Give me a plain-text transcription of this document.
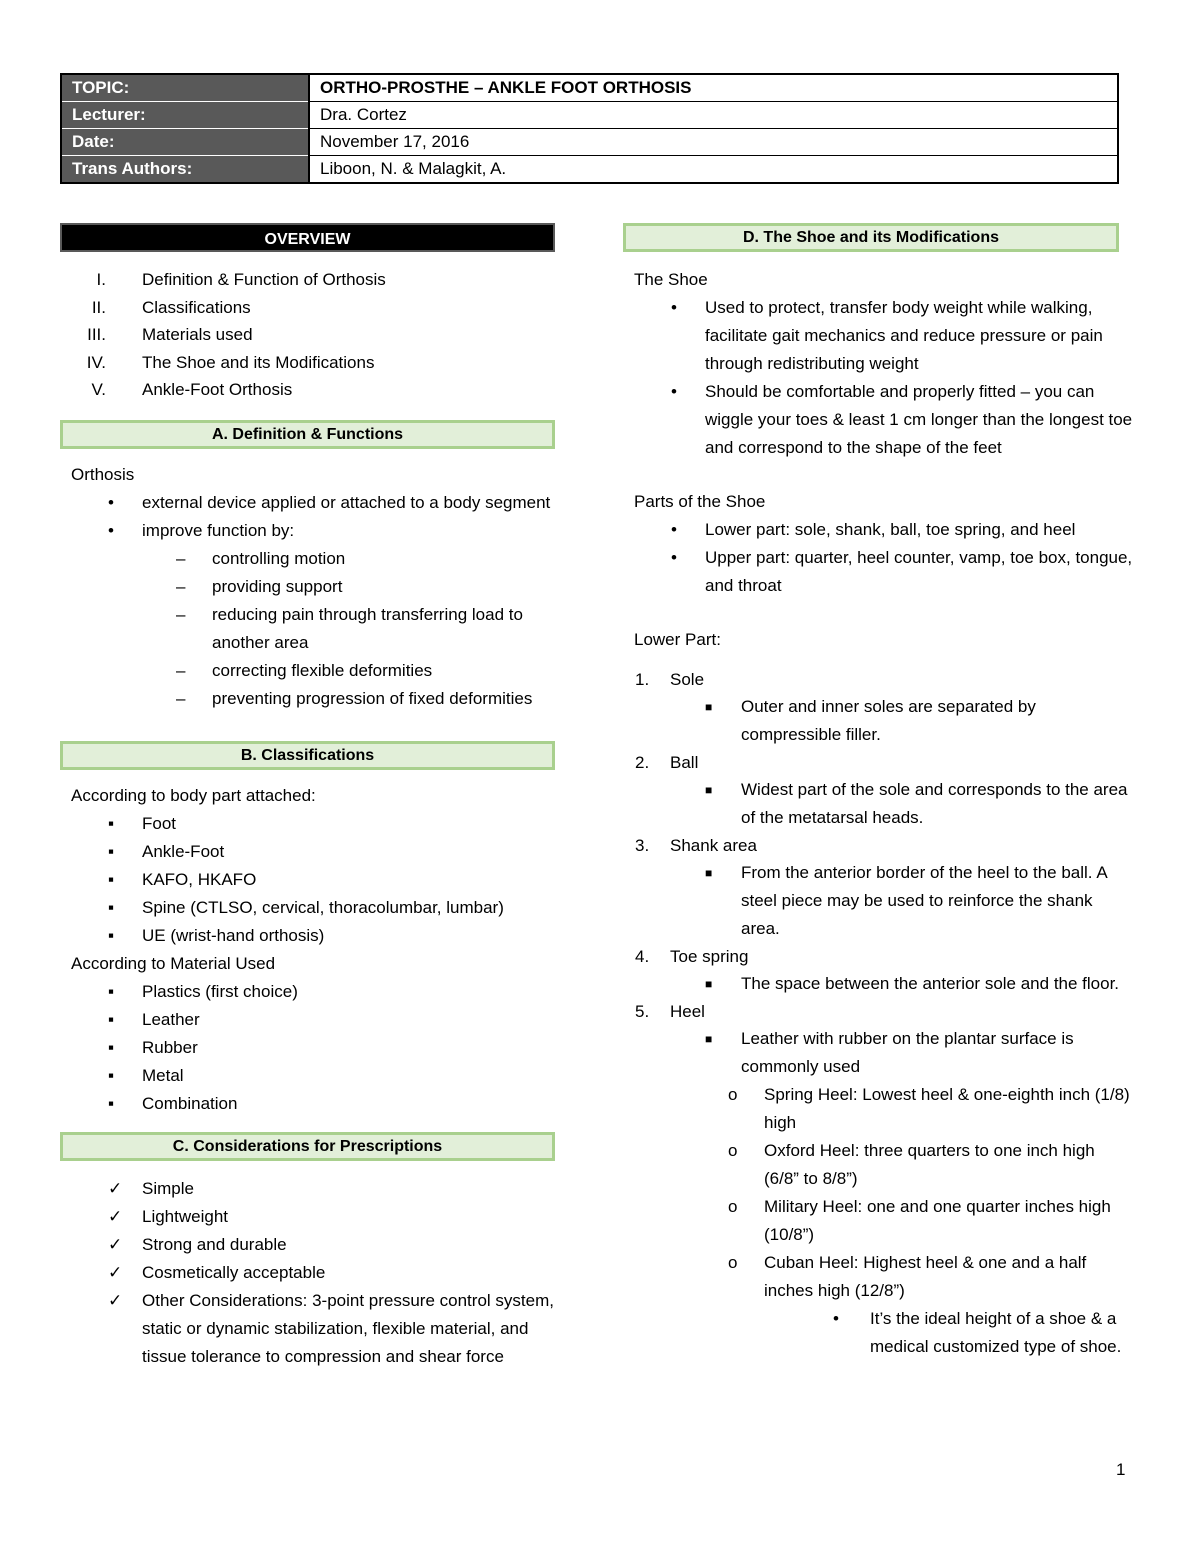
TOPIC:	ORTHO-PROSTHE – ANKLE FOOT ORTHOSIS
Lecturer:	Dra. Cortez
Date:	November 17, 2016
Trans Authors:	Liboon, N. & Malagkit, A.
OVERVIEW
I. Definition & Function of Orthosis
II. Classifications
III. Materials used
IV. The Shoe and its Modifications
V. Ankle-Foot Orthosis
A. Definition & Functions

Orthosis

• external device applied or attached to a body segment
• improve function by:
– controlling motion
– providing support
– reducing pain through transferring load to another area
– correcting flexible deformities
– preventing progression of fixed deformities
B. Classifications

According to body part attached:

▪ Foot
▪ Ankle-Foot
▪ KAFO, HKAFO
▪ Spine (CTLSO, cervical, thoracolumbar, lumbar)
▪ UE (wrist-hand orthosis)

According to Material Used

▪ Plastics (first choice)
▪ Leather
▪ Rubber
▪ Metal
▪ Combination
C. Considerations for Prescriptions
✓ Simple
✓ Lightweight
✓ Strong and durable
✓ Cosmetically acceptable
✓ Other Considerations: 3-point pressure control system, static or dynamic stabilization, flexible material, and tissue tolerance to compression and shear force
D. The Shoe and its Modifications

The Shoe

• Used to protect, transfer body weight while walking, facilitate gait mechanics and reduce pressure or pain through redistributing weight
• Should be comfortable and properly fitted – you can wiggle your toes & least 1 cm longer than the longest toe and correspond to the shape of the feet

Parts of the Shoe

• Lower part: sole, shank, ball, toe spring, and heel
• Upper part: quarter, heel counter, vamp, toe box, tongue, and throat

Lower Part:

1. Sole
■ Outer and inner soles are separated by compressible filler.
2. Ball
■ Widest part of the sole and corresponds to the area of the metatarsal heads.
3. Shank area
■ From the anterior border of the heel to the ball. A steel piece may be used to reinforce the shank area.
4. Toe spring
■ The space between the anterior sole and the floor.
5. Heel
■ Leather with rubber on the plantar surface is commonly used
o Spring Heel: Lowest heel & one-eighth inch (1/8) high
o Oxford Heel: three quarters to one inch high (6/8” to 8/8”)
o Military Heel: one and one quarter inches high (10/8”)
o Cuban Heel: Highest heel & one and a half inches high (12/8”)
• It’s the ideal height of a shoe & a medical customized type of shoe.
1
